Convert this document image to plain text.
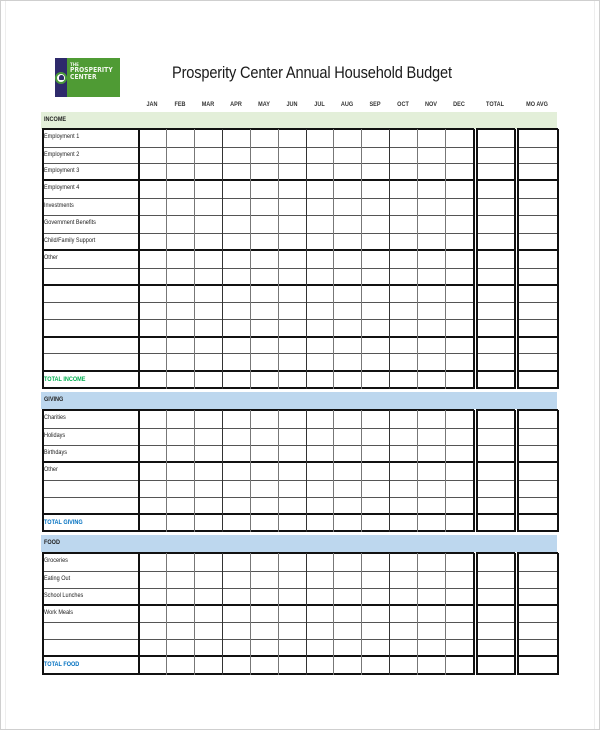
THE
PROSPERITY
CENTER	Prosperity Center Annual Household Budget
JAN	FEB	MAR	APR	MAY	JUN	JUL	AUG	SEP	OCT	NOV	DEC	TOTAL	MO AVG
INCOME
Employment 1
Employment 2
Employment 3
Employment 4
Investments
Government Benefits
Child/Family Support
Other
TOTAL INCOME
GIVING
Charities
Holidays
Birthdays
Other
TOTAL GIVING
FOOD
Groceries
Eating Out
School Lunches
Work Meals
TOTAL FOOD
